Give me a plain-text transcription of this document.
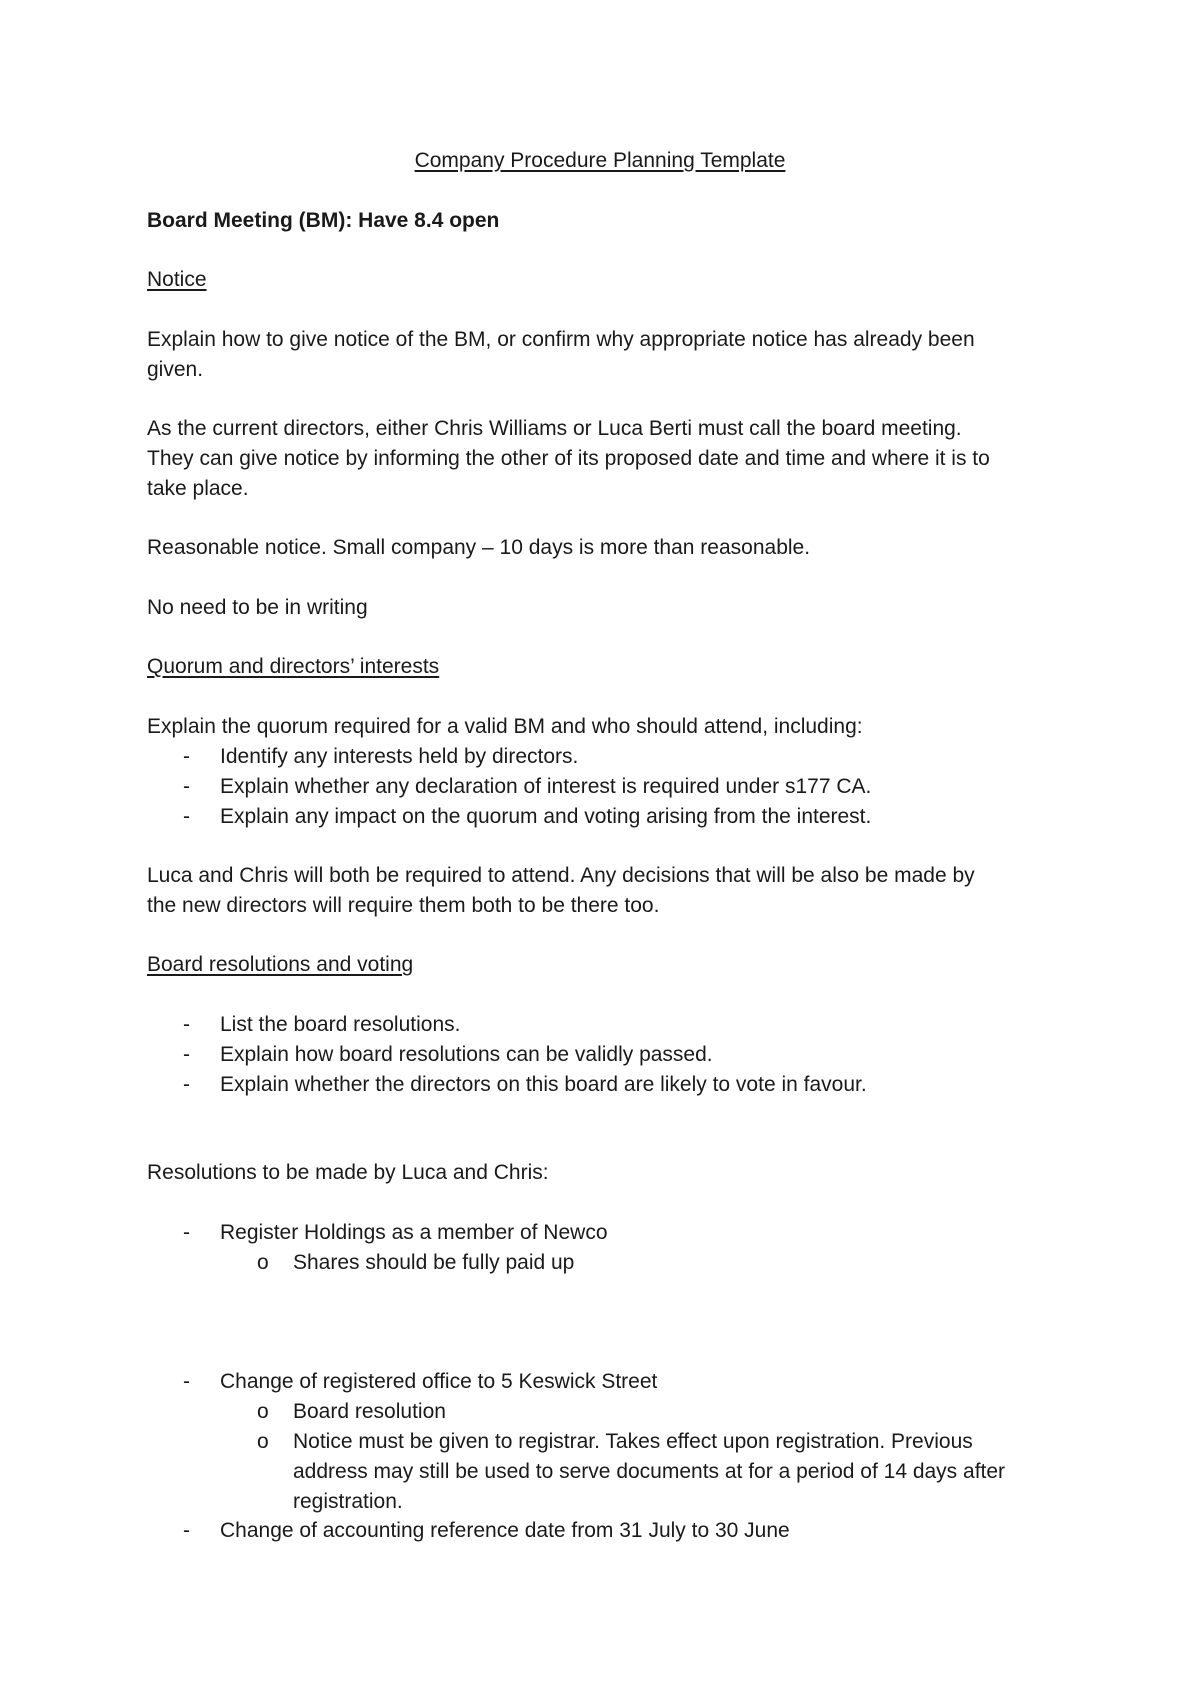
Company Procedure Planning Template
Board Meeting (BM): Have 8.4 open
Notice
Explain how to give notice of the BM, or confirm why appropriate notice has already been
given.
As the current directors, either Chris Williams or Luca Berti must call the board meeting.
They can give notice by informing the other of its proposed date and time and where it is to
take place.
Reasonable notice. Small company – 10 days is more than reasonable.
No need to be in writing
Quorum and directors’ interests
Explain the quorum required for a valid BM and who should attend, including:
- Identify any interests held by directors.
- Explain whether any declaration of interest is required under s177 CA.
- Explain any impact on the quorum and voting arising from the interest.
Luca and Chris will both be required to attend. Any decisions that will be also be made by
the new directors will require them both to be there too.
Board resolutions and voting
- List the board resolutions.
- Explain how board resolutions can be validly passed.
- Explain whether the directors on this board are likely to vote in favour.
Resolutions to be made by Luca and Chris:
- Register Holdings as a member of Newco
o Shares should be fully paid up
- Change of registered office to 5 Keswick Street
o Board resolution
o Notice must be given to registrar. Takes effect upon registration. Previous
address may still be used to serve documents at for a period of 14 days after
registration.
- Change of accounting reference date from 31 July to 30 June
